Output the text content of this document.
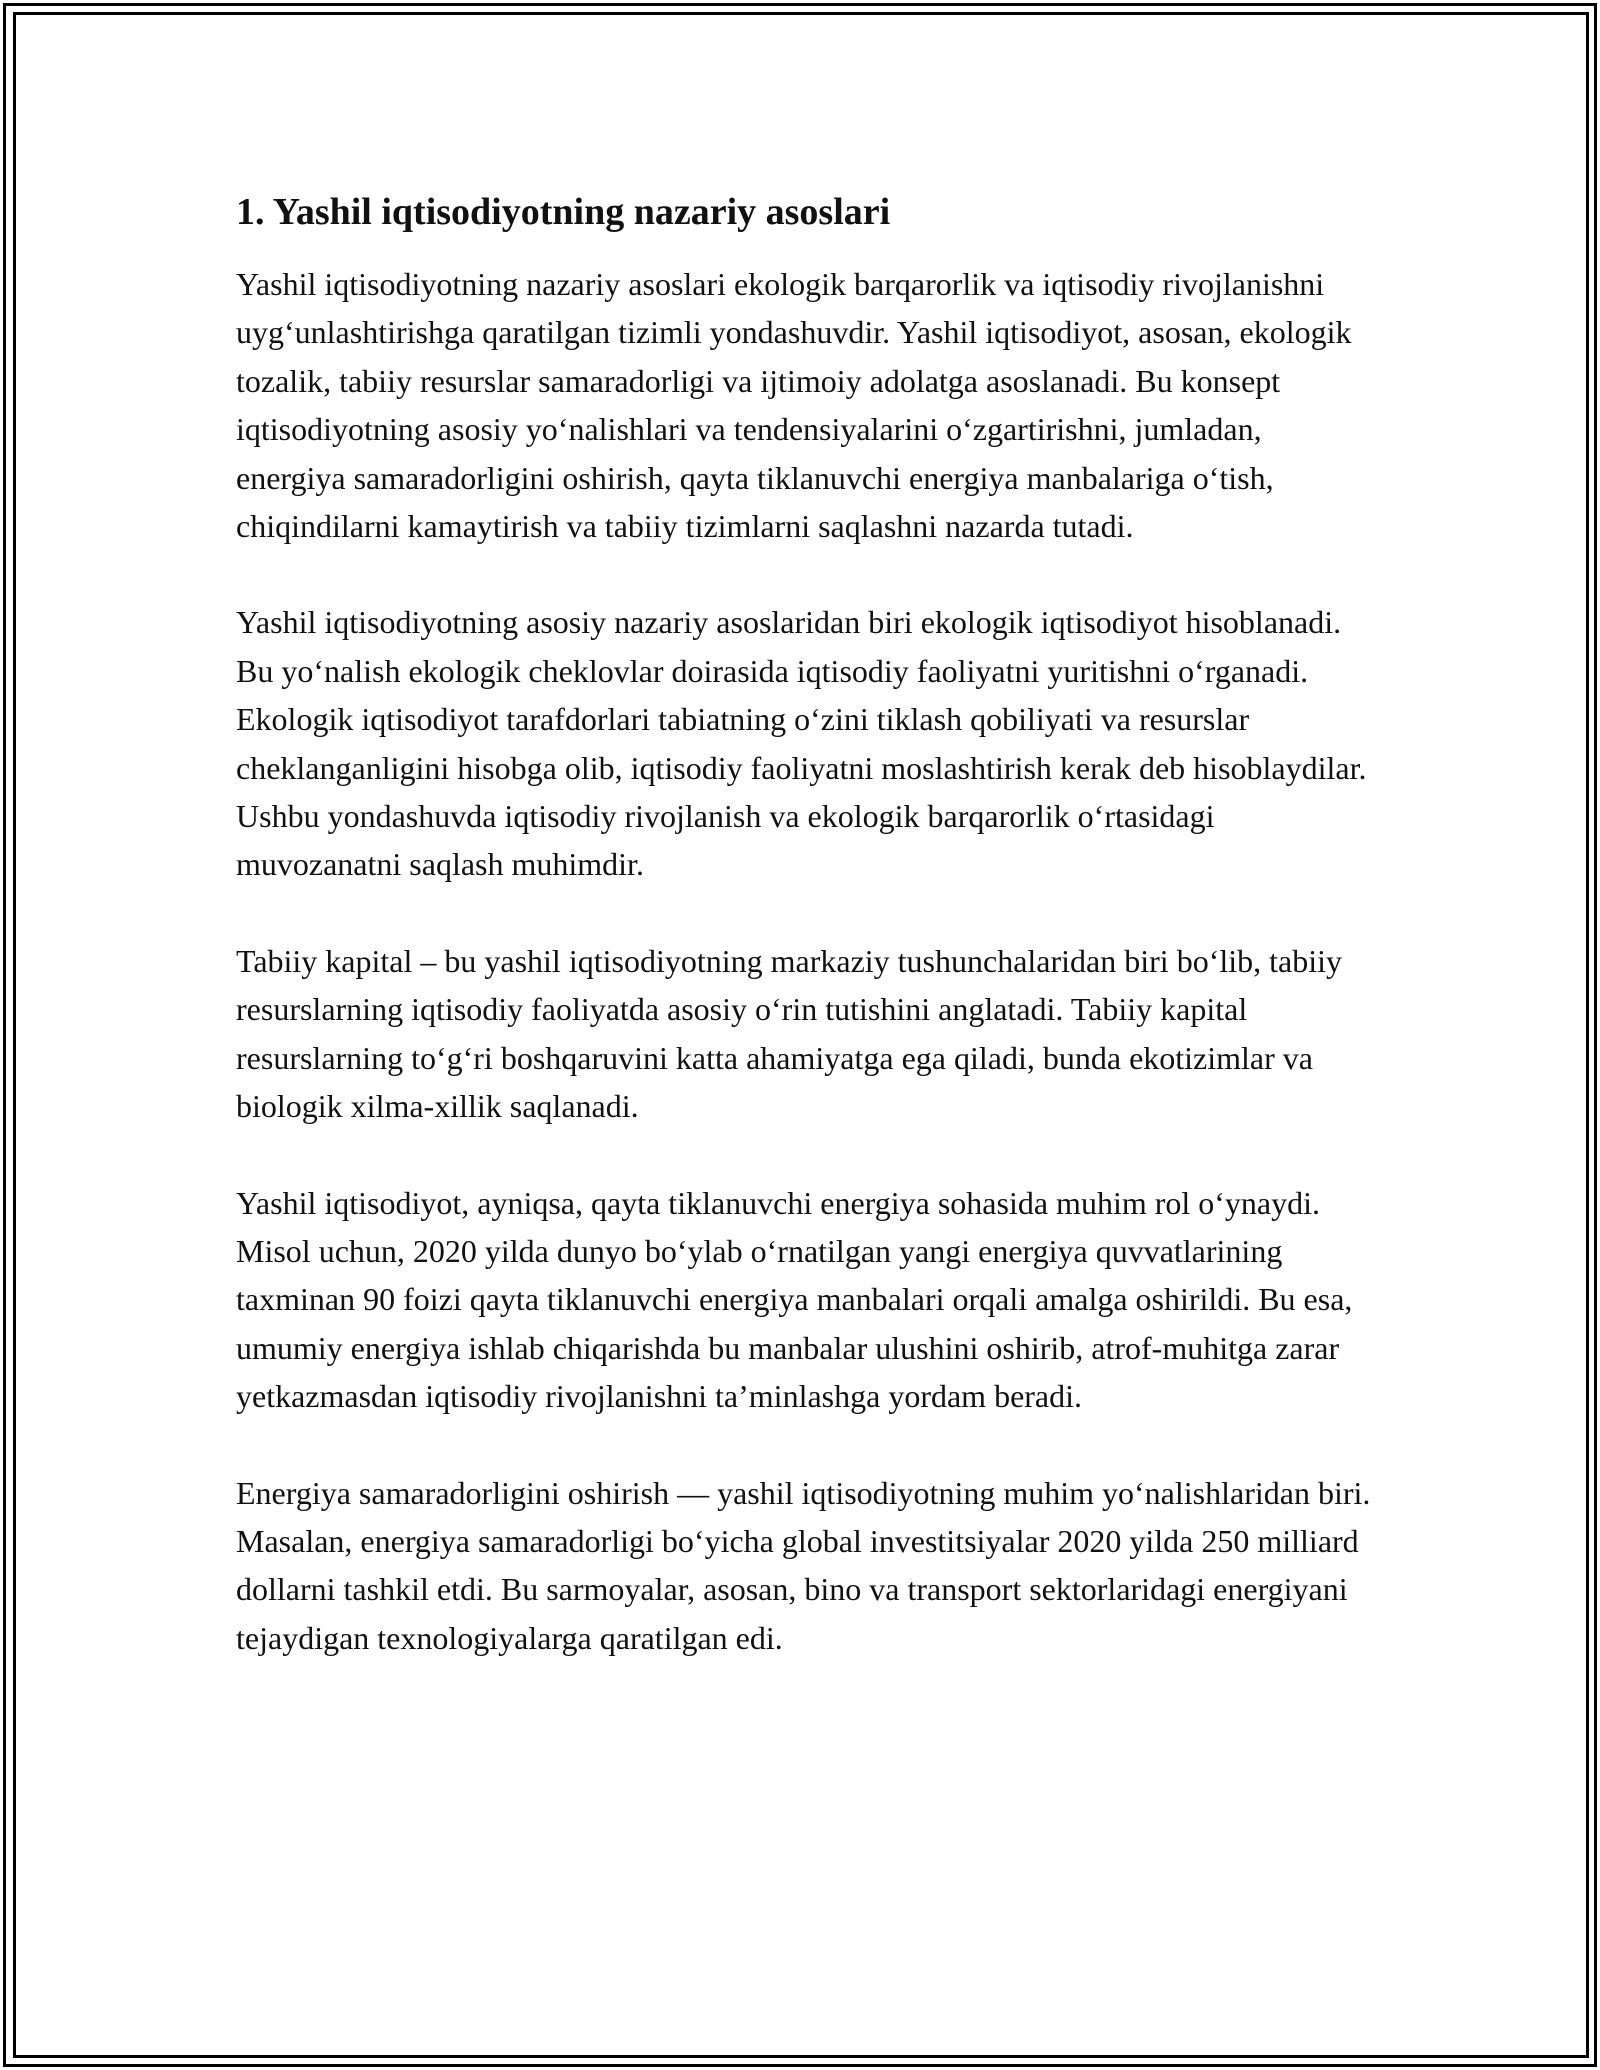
1. Yashil iqtisodiyotning nazariy asoslari

Yashil iqtisodiyotning nazariy asoslari ekologik barqarorlik va iqtisodiy rivojlanishni uyg‘unlashtirishga qaratilgan tizimli yondashuvdir. Yashil iqtisodiyot, asosan, ekologik tozalik, tabiiy resurslar samaradorligi va ijtimoiy adolatga asoslanadi. Bu konsept iqtisodiyotning asosiy yo‘nalishlari va tendensiyalarini o‘zgartirishni, jumladan, energiya samaradorligini oshirish, qayta tiklanuvchi energiya manbalariga o‘tish, chiqindilarni kamaytirish va tabiiy tizimlarni saqlashni nazarda tutadi.

Yashil iqtisodiyotning asosiy nazariy asoslaridan biri ekologik iqtisodiyot hisoblanadi. Bu yo‘nalish ekologik cheklovlar doirasida iqtisodiy faoliyatni yuritishni o‘rganadi. Ekologik iqtisodiyot tarafdorlari tabiatning o‘zini tiklash qobiliyati va resurslar cheklanganligini hisobga olib, iqtisodiy faoliyatni moslashtirish kerak deb hisoblaydilar. Ushbu yondashuvda iqtisodiy rivojlanish va ekologik barqarorlik o‘rtasidagi muvozanatni saqlash muhimdir.

Tabiiy kapital – bu yashil iqtisodiyotning markaziy tushunchalaridan biri bo‘lib, tabiiy resurslarning iqtisodiy faoliyatda asosiy o‘rin tutishini anglatadi. Tabiiy kapital resurslarning to‘g‘ri boshqaruvini katta ahamiyatga ega qiladi, bunda ekotizimlar va biologik xilma-xillik saqlanadi.

Yashil iqtisodiyot, ayniqsa, qayta tiklanuvchi energiya sohasida muhim rol o‘ynaydi. Misol uchun, 2020 yilda dunyo bo‘ylab o‘rnatilgan yangi energiya quvvatlarining taxminan 90 foizi qayta tiklanuvchi energiya manbalari orqali amalga oshirildi. Bu esa, umumiy energiya ishlab chiqarishda bu manbalar ulushini oshirib, atrof-muhitga zarar yetkazmasdan iqtisodiy rivojlanishni ta’minlashga yordam beradi.

Energiya samaradorligini oshirish — yashil iqtisodiyotning muhim yo‘nalishlaridan biri. Masalan, energiya samaradorligi bo‘yicha global investitsiyalar 2020 yilda 250 milliard dollarni tashkil etdi. Bu sarmoyalar, asosan, bino va transport sektorlaridagi energiyani tejaydigan texnologiyalarga qaratilgan edi.
